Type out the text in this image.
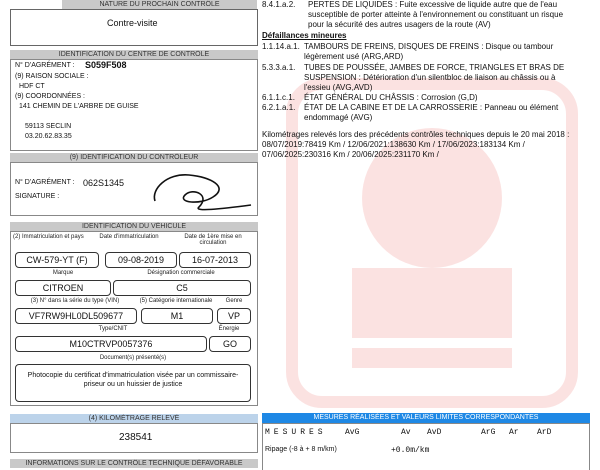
NATURE DU PROCHAIN CONTRÔLE
Contre-visite
IDENTIFICATION DU CENTRE DE CONTRÔLE
N° D'AGRÉMENT : S059F508
(9) RAISON SOCIALE :
HDF CT
(9) COORDONNÉES :
141 CHEMIN DE L'ARBRE DE GUISE
59113 SECLIN
03.20.62.83.35
(9) IDENTIFICATION DU CONTRÔLEUR
N° D'AGRÉMENT : 062S1345
SIGNATURE :
IDENTIFICATION DU VÉHICULE
(2) Immatriculation et pays	Date d'immatriculation	Date de 1ère mise en circulation
CW-579-YT (F)	09-08-2019	16-07-2013
Marque	Désignation commerciale
CITROEN	C5
(3) N° dans la série du type (VIN)	(5) Catégorie internationale	Genre
VF7RW9HL0DL509677	M1	VP
Type/CNIT	Énergie
M10CTRVP0057376	GO
Document(s) présenté(s)
Photocopie du certificat d'immatriculation visée par un commissaire-priseur ou un huissier de justice
(4) KILOMÉTRAGE RELEVÉ
238541
INFORMATIONS SUR LE CONTRÔLE TECHNIQUE DÉFAVORABLE
8.4.1.a.2. PERTES DE LIQUIDES : Fuite excessive de liquide autre que de l'eau
susceptible de porter atteinte à l'environnement ou constituant un risque
pour la sécurité des autres usagers de la route (AV)
Défaillances mineures
1.1.14.a.1. TAMBOURS DE FREINS, DISQUES DE FREINS : Disque ou tambour
légèrement usé (ARG,ARD)
5.3.3.a.1. TUBES DE POUSSÉE, JAMBES DE FORCE, TRIANGLES ET BRAS DE
SUSPENSION : Détérioration d'un silentbloc de liaison au châssis ou à
l'essieu (AVG,AVD)
6.1.1.c.1. ÉTAT GÉNÉRAL DU CHÂSSIS : Corrosion (G,D)
6.2.1.a.1. ÉTAT DE LA CABINE ET DE LA CARROSSERIE : Panneau ou élément
endommagé (AVG)
Kilométrages relevés lors des précédents contrôles techniques depuis le 20 mai 2018 :
08/07/2019:78419 Km / 12/06/2021:138630 Km / 17/06/2023:183134 Km /
07/06/2025:230316 Km / 20/06/2025:231170 Km /
MESURES RÉALISÉES ET VALEURS LIMITES CORRESPONDANTES
MESURES AvG	Av AvD	ArG Ar ArD
Ripage (-8 à + 8 m/km)	+0.0m/km
